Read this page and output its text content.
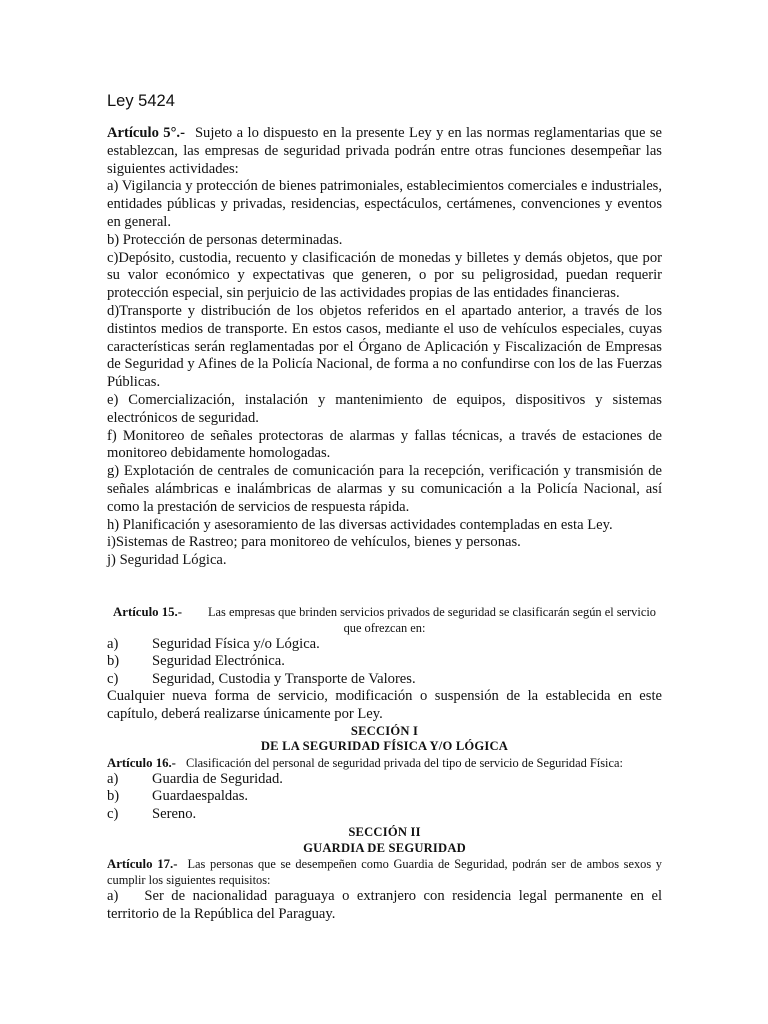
Ley 5424

Artículo 5°.- Sujeto a lo dispuesto en la presente Ley y en las normas reglamentarias que se establezcan, las empresas de seguridad privada podrán entre otras funciones desempeñar las siguientes actividades:

a) Vigilancia y protección de bienes patrimoniales, establecimientos comerciales e industriales, entidades públicas y privadas, residencias, espectáculos, certámenes, convenciones y eventos en general.

b) Protección de personas determinadas.

c)Depósito, custodia, recuento y clasificación de monedas y billetes y demás objetos, que por su valor económico y expectativas que generen, o por su peligrosidad, puedan requerir protección especial, sin perjuicio de las actividades propias de las entidades financieras.

d)Transporte y distribución de los objetos referidos en el apartado anterior, a través de los distintos medios de transporte. En estos casos, mediante el uso de vehículos especiales, cuyas características serán reglamentadas por el Órgano de Aplicación y Fiscalización de Empresas de Seguridad y Afines de la Policía Nacional, de forma a no confundirse con los de las Fuerzas Públicas.

e) Comercialización, instalación y mantenimiento de equipos, dispositivos y sistemas electrónicos de seguridad.

f) Monitoreo de señales protectoras de alarmas y fallas técnicas, a través de estaciones de monitoreo debidamente homologadas.

g) Explotación de centrales de comunicación para la recepción, verificación y transmisión de señales alámbricas e inalámbricas de alarmas y su comunicación a la Policía Nacional, así como la prestación de servicios de respuesta rápida.

h) Planificación y asesoramiento de las diversas actividades contempladas en esta Ley.

i)Sistemas de Rastreo; para monitoreo de vehículos, bienes y personas.

j) Seguridad Lógica.

Artículo 15.- Las empresas que brinden servicios privados de seguridad se clasificarán según el servicio que ofrezcan en:
a)	Seguridad Física y/o Lógica.
b)	Seguridad Electrónica.
c)	Seguridad, Custodia y Transporte de Valores.

Cualquier nueva forma de servicio, modificación o suspensión de la establecida en este capítulo, deberá realizarse únicamente por Ley.

SECCIÓN I
DE LA SEGURIDAD FÍSICA Y/O LÓGICA
Artículo 16.- Clasificación del personal de seguridad privada del tipo de servicio de Seguridad Física:
a)	Guardia de Seguridad.
b)	Guardaespaldas.
c)	Sereno.
SECCIÓN II
GUARDIA DE SEGURIDAD
Artículo 17.- Las personas que se desempeñen como Guardia de Seguridad, podrán ser de ambos sexos y cumplir los siguientes requisitos:

a) Ser de nacionalidad paraguaya o extranjero con residencia legal permanente en el territorio de la República del Paraguay.
